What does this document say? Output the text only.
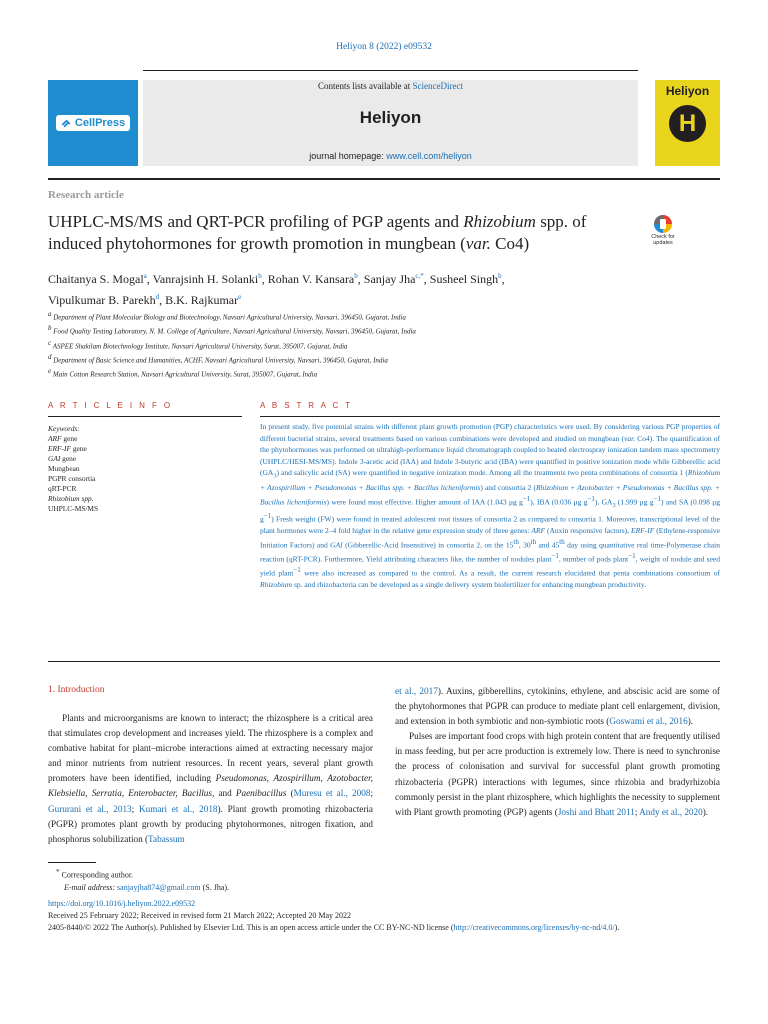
Heliyon 8 (2022) e09532
CellPress
Contents lists available at ScienceDirect
Heliyon
journal homepage: www.cell.com/heliyon
Heliyon
H
Research article
UHPLC-MS/MS and QRT-PCR profiling of PGP agents and Rhizobium spp. of induced phytohormones for growth promotion in mungbean (var. Co4)	Check for
updates
Chaitanya S. Mogal$^a$, Vanrajsinh H. Solanki$^b$, Rohan V. Kansara$^b$, Sanjay Jha$^{c,*}$, Susheel Singh$^b$,
Vipulkumar B. Parekh$^d$, B.K. Rajkumar$^e$
$^a$ Department of Plant Molecular Biology and Biotechnology, Navsari Agricultural University, Navsari, 396450, Gujarat, India
$^b$ Food Quality Testing Laboratory, N. M. College of Agriculture, Navsari Agricultural University, Navsari, 396450, Gujarat, India
$^c$ ASPEE Shakilam Biotechnology Institute, Navsari Agricultural University, Surat, 395007, Gujarat, India
$^d$ Department of Basic Science and Humanities, ACHF, Navsari Agricultural University, Navsari, 396450, Gujarat, India
$^e$ Main Cotton Research Station, Navsari Agricultural University, Surat, 395007, Gujarat, India
A R T I C L E I N F O	A B S T R A C T
Keywords:
ARF gene
ERF-IF gene
GAI gene
Mungbean
PGPR consortia
qRT-PCR
Rhizobium spp.
UHPLC-MS/MS
In present study, five potential strains with different plant growth promotion (PGP) characteristics were used. By considering various PGP properties of different bacterial strains, several treatments based on various combinations were developed and studied on mungbean (var. Co4). The quantification of the phytohormones was performed on ultrahigh-performance liquid chromatograph coupled to heated electrospray ionization tandem mass spectrometry (UHPLC/HESI-MS/MS). Indole 3-acetic acid (IAA) and Indole 3-butyric acid (IBA) were quantified in positive ionization mode while Gibberellic acid $(GA_3)$ and salicylic acid (SA) were quantified in negative ionization mode. Among all the treatments two penta combinations of consortia 1 (Rhizobium + Azospirillum + Pseudomonas + Bacillus spp. + Bacillus licheniformis) and consortia 2 (Rhizobium + Azotobacter + Pseudomonas + Bacillus spp. + Bacillus licheniformis) were found most effective. Higher amount of IAA (1.043 μg $g^{-1}$), IBA (0.036 μg $g^{-1}$), $GA_3$ (1.999 μg $g^{-1}$) and SA (0.098 μg $g^{-1}$) Fresh weight (FW) were found in treated adolescent root tissues of consortia 2 as compared to consortia 1. Moreover, transcriptional level of the plant hormones were 2–4 fold higher in the relative gene expression study of three genes: ARF (Auxin responsive factors), ERF-IF (Ethylene-responsive Initiation Factors) and GAI (Gibberellic-Acid Insensitive) in consortia 2, on the 15th, 30th and 45th day using quantitative real time-Polymerase chain reaction (qRT-PCR). Furthermore, Yield attributing characters like, the number of nodules plant$^{-1}$, number of pods plant$^{-1}$, weight of nodule and seed yield plant$^{-1}$ were also increased as compared to the control. As a result, the current research elucidated that penta combinations consortium of Rhizobium sp. and rhizobacteria can be developed as a single delivery system biofertilizer for enhancing mungbean productivity.
1. Introduction

Plants and microorganisms are known to interact; the rhizosphere is a critical area that stimulates crop development and increases yield. The rhizosphere is a complex and combative habitat for plant–microbe interactions aimed at extracting necessary major and minor nutrients from nutrient resources. In recent years, several plant growth promoters have been identified, including Pseudomonas, Azospirillum, Azotobacter, Klebsiella, Serratia, Enterobacter, Bacillus, and Paenibacillus (Muresu et al., 2008; Gururani et al., 2013; Kumari et al., 2018). Plant growth promoting rhizobacteria (PGPR) promotes plant growth by producing phytohormones, nitrogen fixation, and phosphorus solubilization (Tabassum

et al., 2017). Auxins, gibberellins, cytokinins, ethylene, and abscisic acid are some of the phytohormones that PGPR can produce to mediate plant cell enlargement, division, and extension in both symbiotic and non-symbiotic roots (Goswami et al., 2016).

Pulses are important food crops with high protein content that are frequently utilised in mass feeding, but per acre production is extremely low. There is need to synchronise the process of colonisation and survival for successful plant growth promoting rhizobacteria (PGPR) interactions with legumes, since rhizobia and bradyrhizobia commonly persist in the plant rhizosphere, which highlights the necessity to supplement with Plant growth promoting (PGP) agents (Joshi and Bhatt 2011; Andy et al., 2020).

* Corresponding author.
E-mail address: sanjayjha874@gmail.com (S. Jha).
https://doi.org/10.1016/j.heliyon.2022.e09532
Received 25 February 2022; Received in revised form 21 March 2022; Accepted 20 May 2022
2405-8440/© 2022 The Author(s). Published by Elsevier Ltd. This is an open access article under the CC BY-NC-ND license (http://creativecommons.org/licenses/by-nc-nd/4.0/).
